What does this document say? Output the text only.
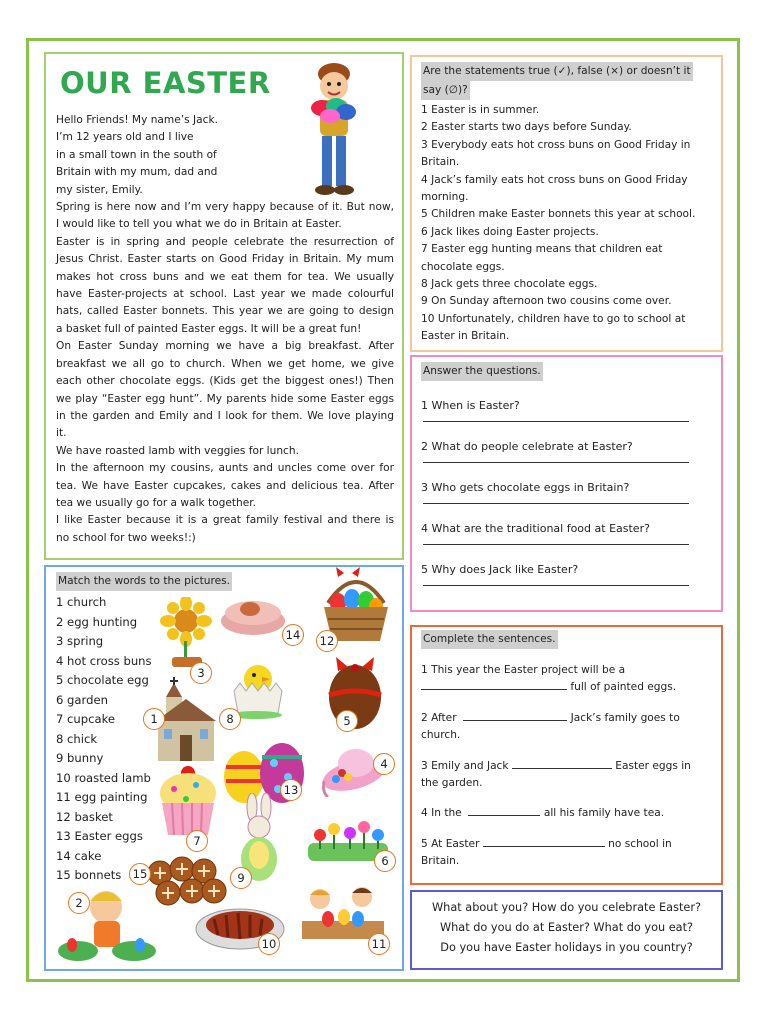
OUR EASTER
Hello Friends! My name’s Jack.
I’m 12 years old and I live
in a small town in the south of
Britain with my mum, dad and
my sister, Emily.
Spring is here now and I’m very happy because of it. But now,
I would like to tell you what we do in Britain at Easter.
Easter is in spring and people celebrate the resurrection of
Jesus Christ. Easter starts on Good Friday in Britain. My mum
makes hot cross buns and we eat them for tea. We usually
have Easter-projects at school. Last year we made colourful
hats, called Easter bonnets. This year we are going to design
a basket full of painted Easter eggs. It will be a great fun!
On Easter Sunday morning we have a big breakfast. After
breakfast we all go to church. When we get home, we give
each other chocolate eggs. (Kids get the biggest ones!) Then
we play “Easter egg hunt”. My parents hide some Easter eggs
in the garden and Emily and I look for them. We love playing
it.
We have roasted lamb with veggies for lunch.
In the afternoon my cousins, aunts and uncles come over for
tea. We have Easter cupcakes, cakes and delicious tea. After
tea we usually go for a walk together.
I like Easter because it is a great family festival and there is
no school for two weeks!:)
Are the statements true (✓), false (×) or doesn’t it
say (∅)?
1 Easter is in summer.
2 Easter starts two days before Sunday.
3 Everybody eats hot cross buns on Good Friday in
Britain.
4 Jack’s family eats hot cross buns on Good Friday
morning.
5 Children make Easter bonnets this year at school.
6 Jack likes doing Easter projects.
7 Easter egg hunting means that children eat
chocolate eggs.
8 Jack gets three chocolate eggs.
9 On Sunday afternoon two cousins come over.
10 Unfortunately, children have to go to school at
Easter in Britain.
Answer the questions.
1 When is Easter?
2 What do people celebrate at Easter?
3 Who gets chocolate eggs in Britain?
4 What are the traditional food at Easter?
5 Why does Jack like Easter?
Complete the sentences.
1 This year the Easter project will be a
full of painted eggs.
2 After	Jack’s family goes to
church.
3 Emily and Jack	Easter eggs in
the garden.
4 In the	all his family have tea.
5 At Easter	no school in
Britain.
What about you? How do you celebrate Easter?
What do you do at Easter? What do you eat?
Do you have Easter holidays in you country?
Match the words to the pictures.
1 church
2 egg hunting
3 spring
4 hot cross buns
5 chocolate egg
6 garden
7 cupcake
8 chick
9 bunny
10 roasted lamb
11 egg painting
12 basket
13 Easter eggs
14 cake
15 bonnets
1
2
3
4
5
6
7
8
9
10	11
12
13
14
15
